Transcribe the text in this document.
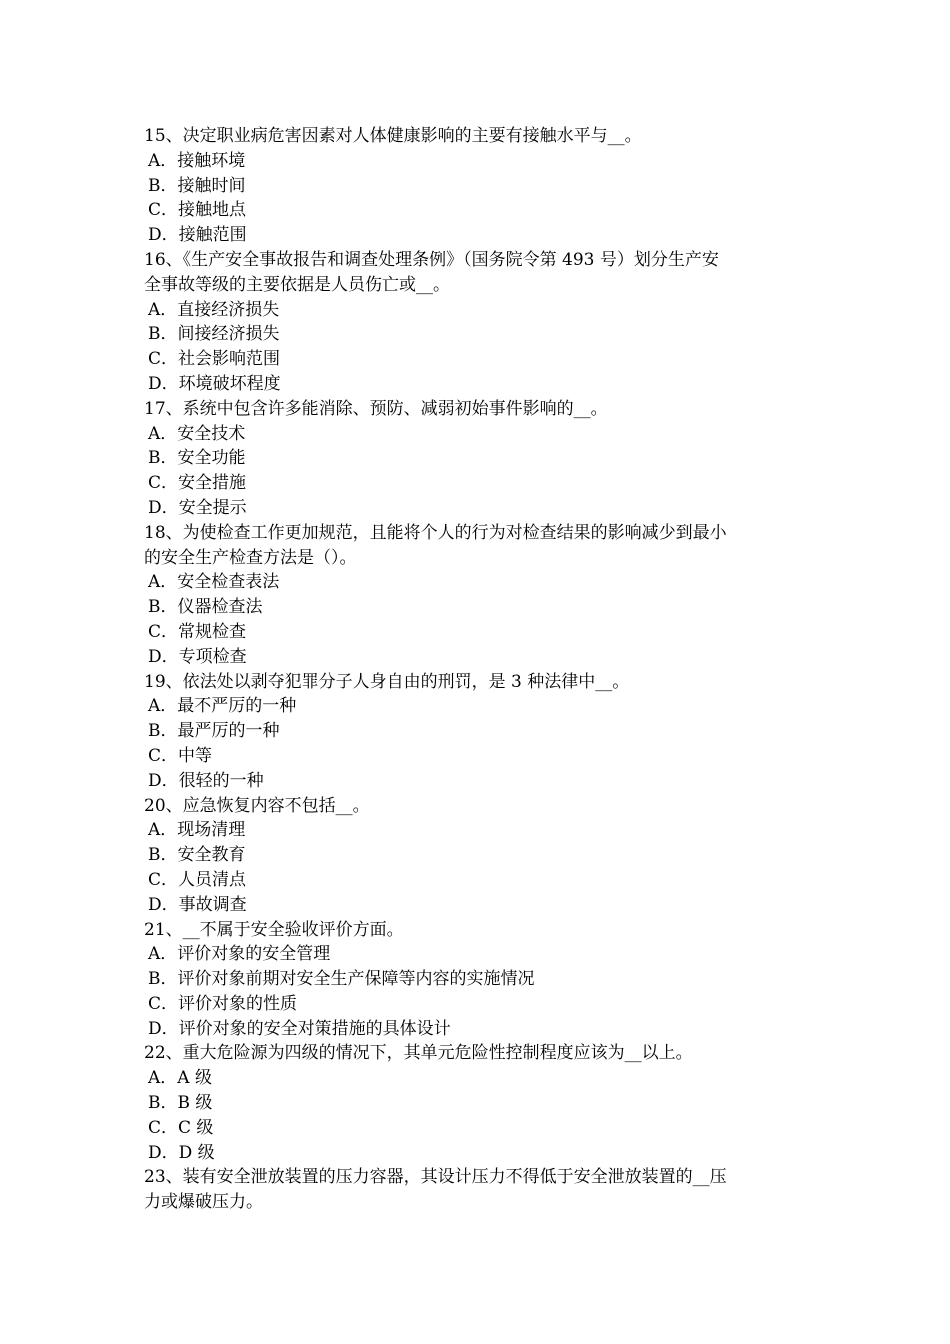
15、决定职业病危害因素对人体健康影响的主要有接触水平与__。
A．接触环境
B．接触时间
C．接触地点
D．接触范围
16、《生产安全事故报告和调查处理条例》（国务院令第 493 号）划分生产安
全事故等级的主要依据是人员伤亡或__。
A．直接经济损失
B．间接经济损失
C．社会影响范围
D．环境破坏程度
17、系统中包含许多能消除、预防、减弱初始事件影响的__。
A．安全技术
B．安全功能
C．安全措施
D．安全提示
18、为使检查工作更加规范，且能将个人的行为对检查结果的影响减少到最小
的安全生产检查方法是（）。
A．安全检查表法
B．仪器检查法
C．常规检查
D．专项检查
19、依法处以剥夺犯罪分子人身自由的刑罚，是 3 种法律中__。
A．最不严厉的一种
B．最严厉的一种
C．中等
D．很轻的一种
20、应急恢复内容不包括__。
A．现场清理
B．安全教育
C．人员清点
D．事故调查
21、__不属于安全验收评价方面。
A．评价对象的安全管理
B．评价对象前期对安全生产保障等内容的实施情况
C．评价对象的性质
D．评价对象的安全对策措施的具体设计
22、重大危险源为四级的情况下，其单元危险性控制程度应该为__以上。
A．A 级
B．B 级
C．C 级
D．D 级
23、装有安全泄放装置的压力容器，其设计压力不得低于安全泄放装置的__压
力或爆破压力。
